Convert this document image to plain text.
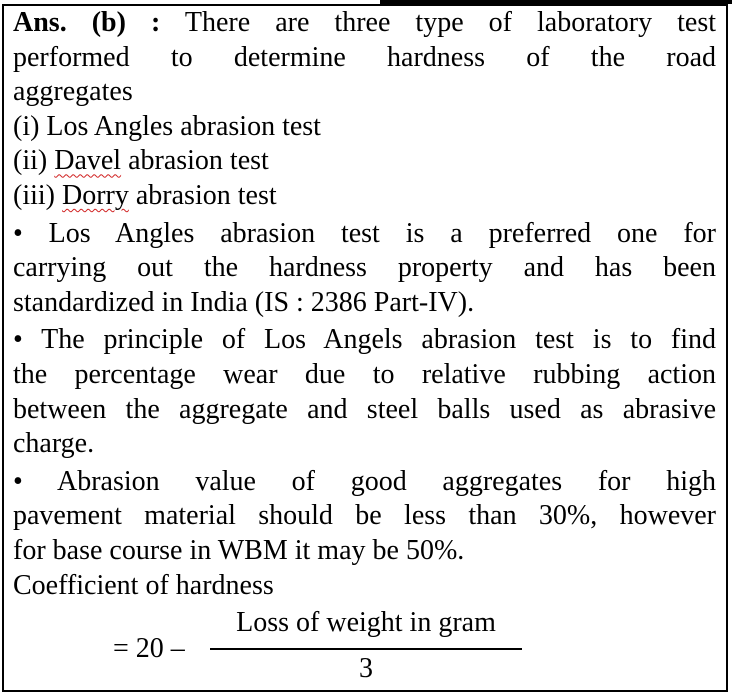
Ans. (b) : There are three type of laboratory test
performed to determine hardness of the road
aggregates
(i) Los Angles abrasion test
(ii) Davel abrasion test
(iii) Dorry abrasion test
• Los Angles abrasion test is a preferred one for
carrying out the hardness property and has been
standardized in India (IS : 2386 Part-IV).
• The principle of Los Angels abrasion test is to find
the percentage wear due to relative rubbing action
between the aggregate and steel balls used as abrasive
charge.
• Abrasion value of good aggregates for high
pavement material should be less than 30%, however
for base course in WBM it may be 50%.
Coefficient of hardness
= 20 –
Loss of weight in gram
3
